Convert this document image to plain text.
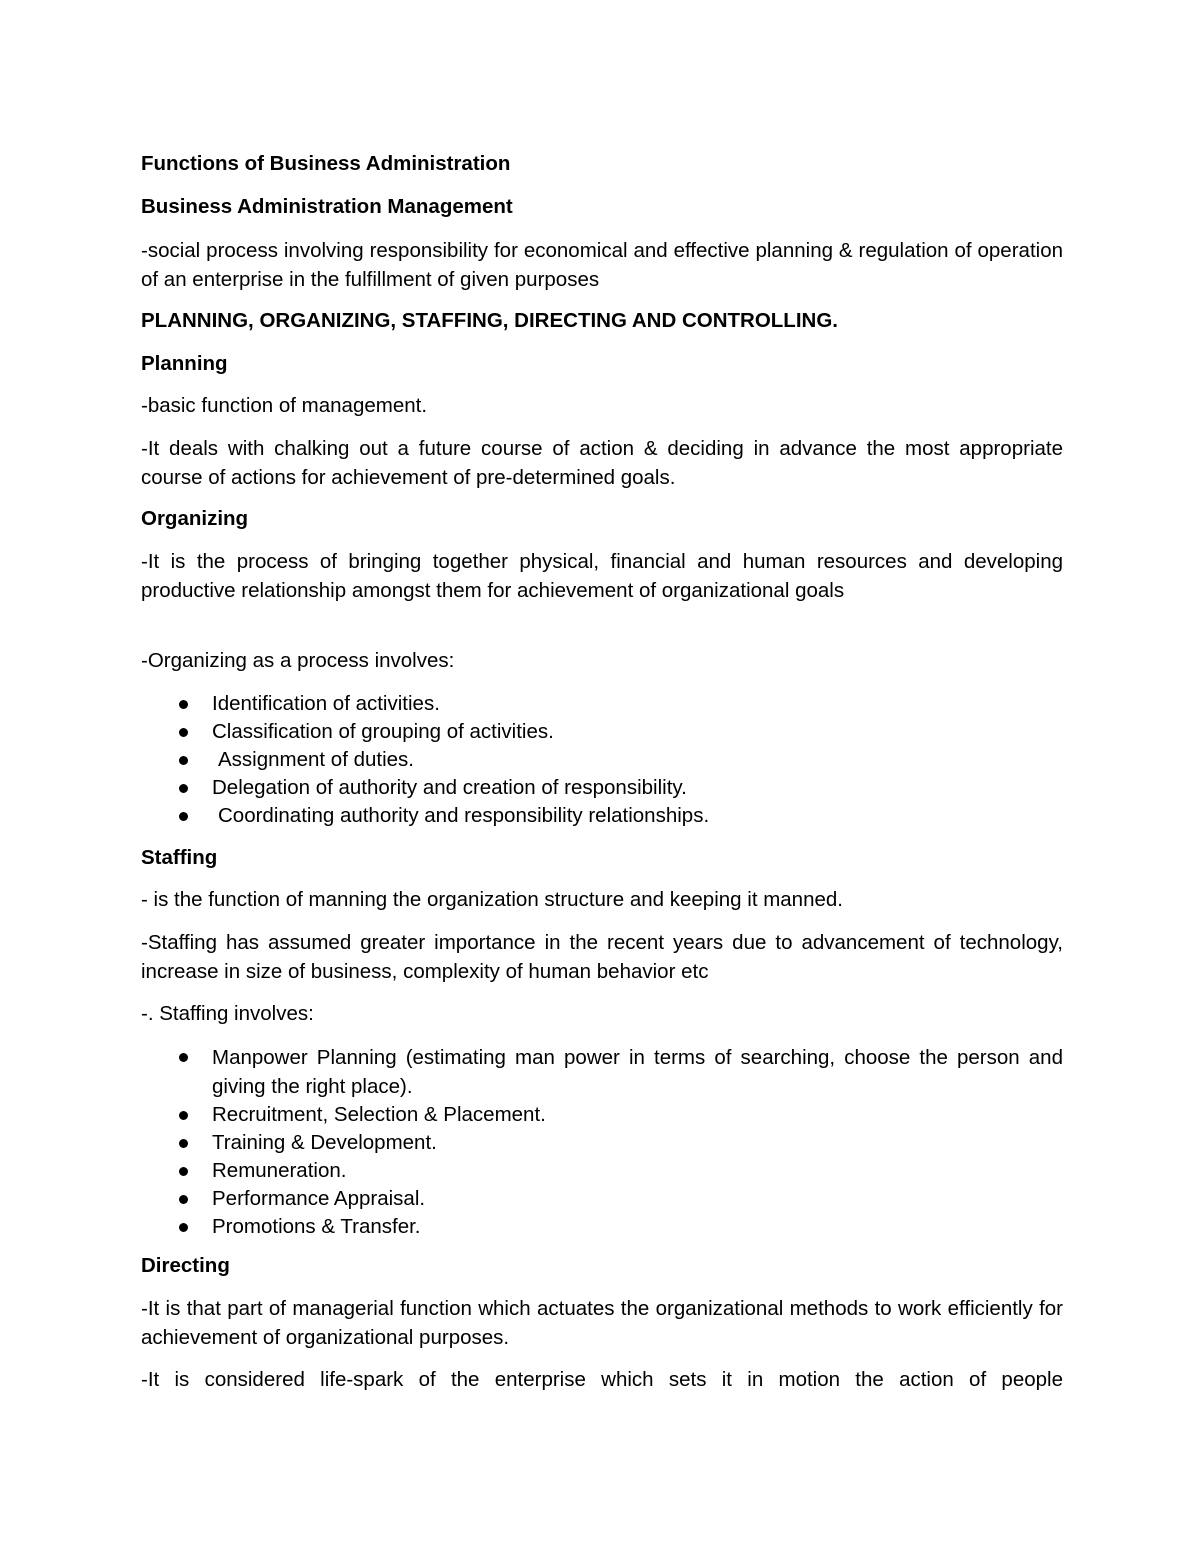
Functions of Business Administration
Business Administration Management
-social process involving responsibility for economical and effective planning & regulation of operation of an enterprise in the fulfillment of given purposes
PLANNING, ORGANIZING, STAFFING, DIRECTING AND CONTROLLING.
Planning
-basic function of management.
-It deals with chalking out a future course of action & deciding in advance the most appropriate course of actions for achievement of pre-determined goals.
Organizing
-It is the process of bringing together physical, financial and human resources and developing productive relationship amongst them for achievement of organizational goals
-Organizing as a process involves:
Identification of activities.
Classification of grouping of activities.
Assignment of duties.
Delegation of authority and creation of responsibility.
Coordinating authority and responsibility relationships.
Staffing
- is the function of manning the organization structure and keeping it manned.
-Staffing has assumed greater importance in the recent years due to advancement of technology, increase in size of business, complexity of human behavior etc
-. Staffing involves:
Manpower Planning (estimating man power in terms of searching, choose the person and giving the right place).
Recruitment, Selection & Placement.
Training & Development.
Remuneration.
Performance Appraisal.
Promotions & Transfer.
Directing
-It is that part of managerial function which actuates the organizational methods to work efficiently for achievement of organizational purposes.
-It is considered life-spark of the enterprise which sets it in motion the action of people
